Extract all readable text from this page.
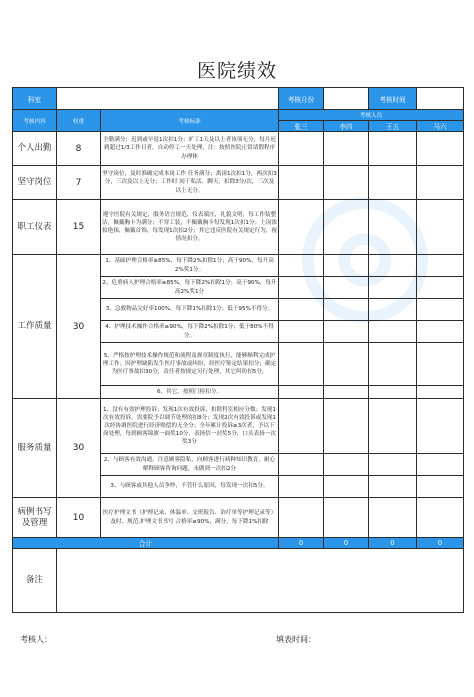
医院绩效
科室			考核月份		考核时间	
考核内容	权重	考核标准	考核人员			
			张三	李四	王五	马六
个人出勤	8	全勤满分；迟到或早退1次扣1分；旷工1天及以上者该项无分，每月迟到超过1/3工作日者，自动停工一天处理，注：按照医院正常请假程序办理休				
坚守岗位	7	坚守岗位，及时准确完成本岗工作 任务满分；离岗1次扣1分，两次扣3分，三次及以上无分；工作时 间干私活、聊天，扣除3分/次，三次及以上无分。				
职工仪表	15	遵守医院有关规定，服务语言规范，仪表端庄，礼貌文明，每工作装整洁，佩戴胸卡为满分；不穿工装，不佩戴胸卡每发现1次扣1分；上岗浓妆艳抹，佩戴首饰，每发现1次扣2分；其它违反医院有关规定行为，视情况扣分。				
工作质量	30	1、基础护理合格率≥85%，每下降2%扣除1分；高于90%，每升高2%奖1分。				
		2、危重病人护理合格率≥85%，每下降2%扣除1分；高于90%，每升高2%奖1分				
		3、急救物品完好率100%，每下降1%扣除1分；低于95%不得分。				
		4、护理技术操作合格率≥90%，每下降2%扣除1分；低于80%不得分。				
		5、严格按护理技术操作规范和流程及规章制度执行，能够顺利完成护理工作；因护理缺陷发生医疗事故或纠纷，经医疗鉴定结果扣分；确定为医疗事故扣30分，责任者按规定另行处理，其它纠纷扣5分。				
		6、其它，按照门检扣分。				
服务质量	30	1、没有有效护理投诉；发现1次有效投诉，扣除科室相应分数；发现1次有效投诉，需要院予以调节处理的扣8分；发现2次有效投诉或发现1次经协调医院进行经济赔偿的无全分；全年累计投诉≥3次者，予以下岗处理，每到顾客锦旗一面奖10分，表扬信一封奖5分，口头表扬一次奖3分				
		2、与顾客有效沟通，注意顾客隐私，向顾客进行病种知识教育，耐心解释顾客咨询问题，未做到一次扣2分				
		3、与顾客或其他人员争吵，不管什么原因，每发现一次扣5分。				
病例书写及管理	10	医疗护理文书（护理记录、体温单、交班报告、治疗单等护理记录等）及时、规范,护理文书书写 合格率≥90%，满分，每下降1%扣除				
合计			0	0	0	0
备注						
考核人：	填表时间：
